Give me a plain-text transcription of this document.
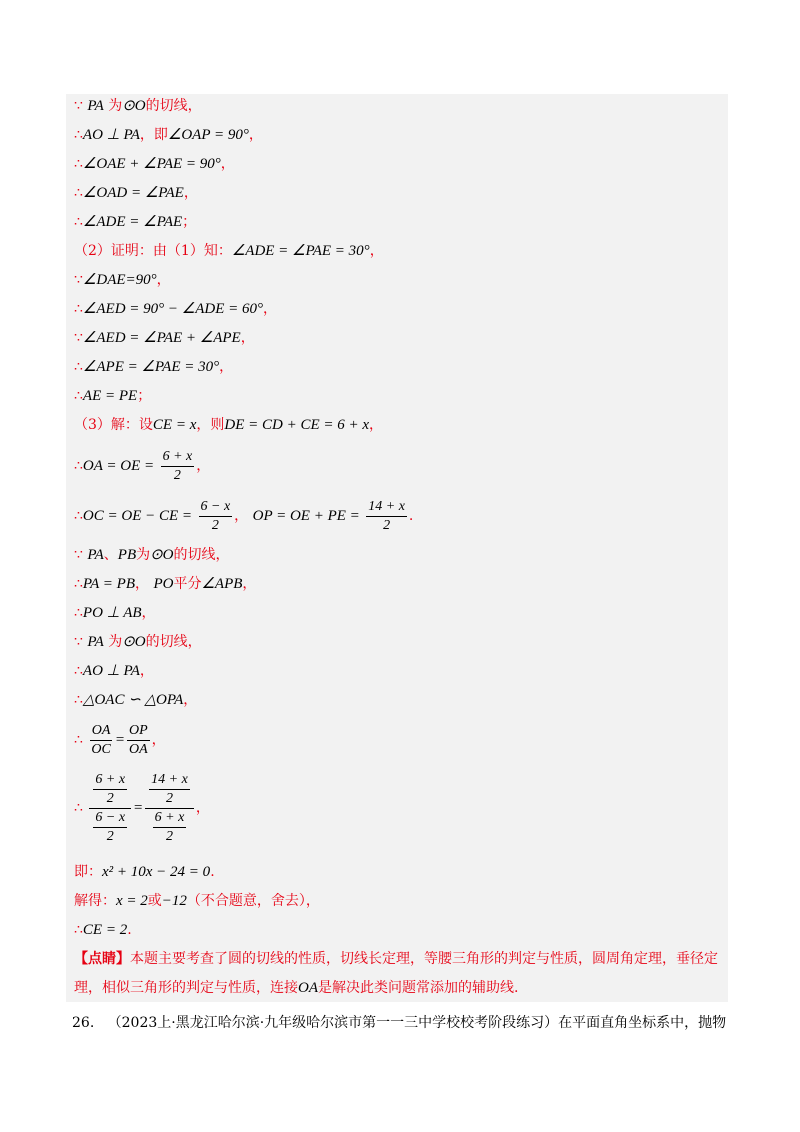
∵ PA 为⊙O的切线，
∴AO ⊥ PA，即∠OAP = 90°，
∴∠OAE + ∠PAE = 90°，
∴∠OAD = ∠PAE，
∴∠ADE = ∠PAE；
（2）证明：由（1）知：∠ADE = ∠PAE = 30°，
∵∠DAE=90°，
∴∠AED = 90° − ∠ADE = 60°，
∵∠AED = ∠PAE + ∠APE，
∴∠APE = ∠PAE = 30°，
∴AE = PE；
（3）解：设CE = x，则DE = CD + CE = 6 + x，
∴OA = OE = $\frac{6 + x}{2}$ ，
∴OC = OE − CE = $\frac{6 - x}{2}$ ， OP = OE + PE = $\frac{14 + x}{2}$ .
∵ PA、PB为⊙O的切线，
∴PA = PB， PO平分∠APB，
∴PO ⊥ AB，
∵ PA 为⊙O的切线，
∴AO ⊥ PA，
∴△OAC ∽ △OPA，
∴ $\frac{OA}{OC} = \frac{OP}{OA}$ ，
∴ $\frac{\frac{6 + x}{2}}{\frac{6 - x}{2}} = \frac{\frac{14 + x}{2}}{\frac{6 + x}{2}}$ ，
即：x² + 10x − 24 = 0.
解得：x = 2或−12（不合题意，舍去），
∴CE = 2.
【点睛】本题主要考查了圆的切线的性质，切线长定理，等腰三角形的判定与性质，圆周角定理，垂径定理，相似三角形的判定与性质，连接OA是解决此类问题常添加的辅助线.
26. （2023上·黑龙江哈尔滨·九年级哈尔滨市第一一三中学校校考阶段练习）在平面直角坐标系中，抛物
